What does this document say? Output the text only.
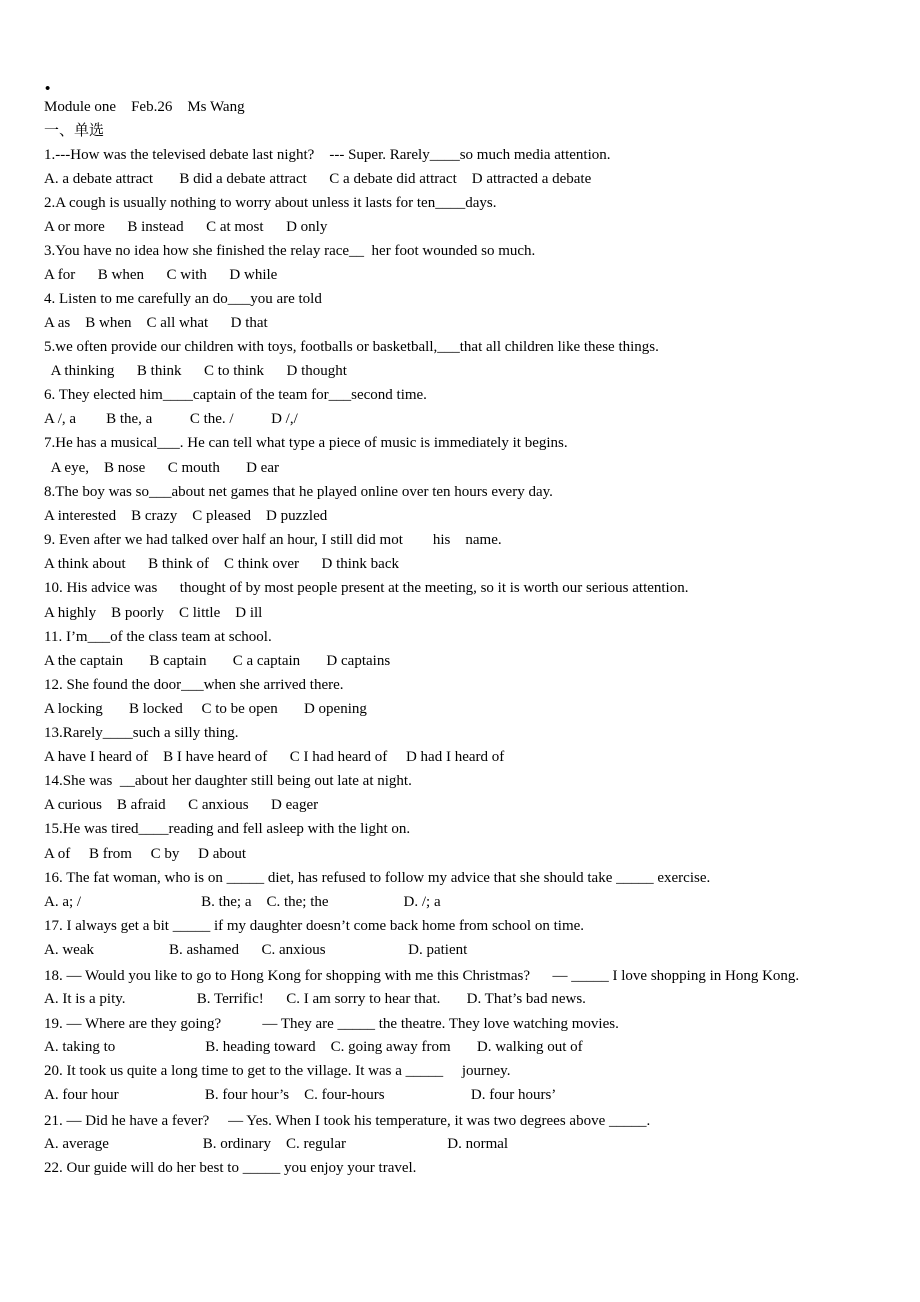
•
Module one    Feb.26    Ms Wang
一、单选
1.---How was the televised debate last night?    --- Super. Rarely____so much media attention.
A. a debate attract       B did a debate attract      C a debate did attract    D attracted a debate
2.A cough is usually nothing to worry about unless it lasts for ten____days.
A or more      B instead      C at most      D only
3.You have no idea how she finished the relay race__  her foot wounded so much.
A for      B when      C with      D while
4. Listen to me carefully an do___you are told
A as    B when    C all what      D that
5.we often provide our children with toys, footballs or basketball,___that all children like these things.
A thinking      B think      C to think      D thought
6. They elected him____captain of the team for___second time.
A /, a        B the, a          C the. /          D /,/
7.He has a musical___. He can tell what type a piece of music is immediately it begins.
A eye,    B nose      C mouth       D ear
8.The boy was so___about net games that he played online over ten hours every day.
A interested    B crazy    C pleased    D puzzled
9. Even after we had talked over half an hour, I still did mot        his    name.
A think about      B think of    C think over      D think back
10. His advice was      thought of by most people present at the meeting, so it is worth our serious attention.
A highly    B poorly    C little    D ill
11. I’m___of the class team at school.
A the captain       B captain       C a captain       D captains
12. She found the door___when she arrived there.
A locking       B locked     C to be open       D opening
13.Rarely____such a silly thing.
A have I heard of    B I have heard of      C I had heard of     D had I heard of
14.She was  __about her daughter still being out late at night.
A curious    B afraid      C anxious      D eager
15.He was tired____reading and fell asleep with the light on.
A of     B from     C by     D about
16. The fat woman, who is on _____ diet, has refused to follow my advice that she should take _____ exercise.
A. a; /                                B. the; a    C. the; the                    D. /; a
17. I always get a bit _____ if my daughter doesn’t come back home from school on time.
A. weak                    B. ashamed      C. anxious                      D. patient
18. — Would you like to go to Hong Kong for shopping with me this Christmas?      — _____ I love shopping in Hong Kong.
A. It is a pity.                   B. Terrific!      C. I am sorry to hear that.       D. That’s bad news.
19. — Where are they going?           — They are _____ the theatre. They love watching movies.
A. taking to                        B. heading toward    C. going away from       D. walking out of
20. It took us quite a long time to get to the village. It was a _____     journey.
A. four hour                       B. four hour’s    C. four-hours                       D. four hours’
21. — Did he have a fever?     — Yes. When I took his temperature, it was two degrees above _____.
A. average                         B. ordinary    C. regular                           D. normal
22. Our guide will do her best to _____ you enjoy your travel.
